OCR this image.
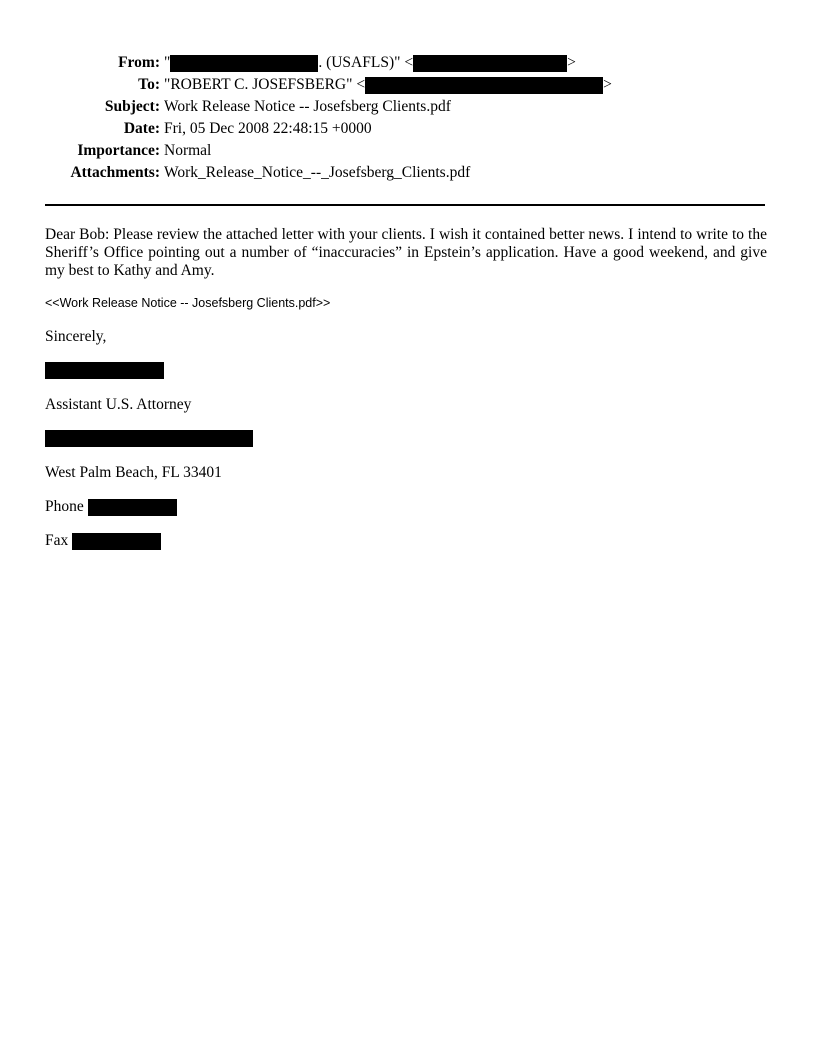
From: "	. (USAFLS)" <	>
To: "ROBERT C. JOSEFSBERG" <	>
Subject: Work Release Notice -- Josefsberg Clients.pdf
Date: Fri, 05 Dec 2008 22:48:15 +0000
Importance: Normal
Attachments: Work_Release_Notice_--_Josefsberg_Clients.pdf

Dear Bob: Please review the attached letter with your clients. I wish it contained better news. I intend to write to the Sheriff’s Office pointing out a number of “inaccuracies” in Epstein’s application. Have a good weekend, and give my best to Kathy and Amy.

<<Work Release Notice -- Josefsberg Clients.pdf>>
Sincerely,
Assistant U.S. Attorney
West Palm Beach, FL 33401
Phone
Fax
